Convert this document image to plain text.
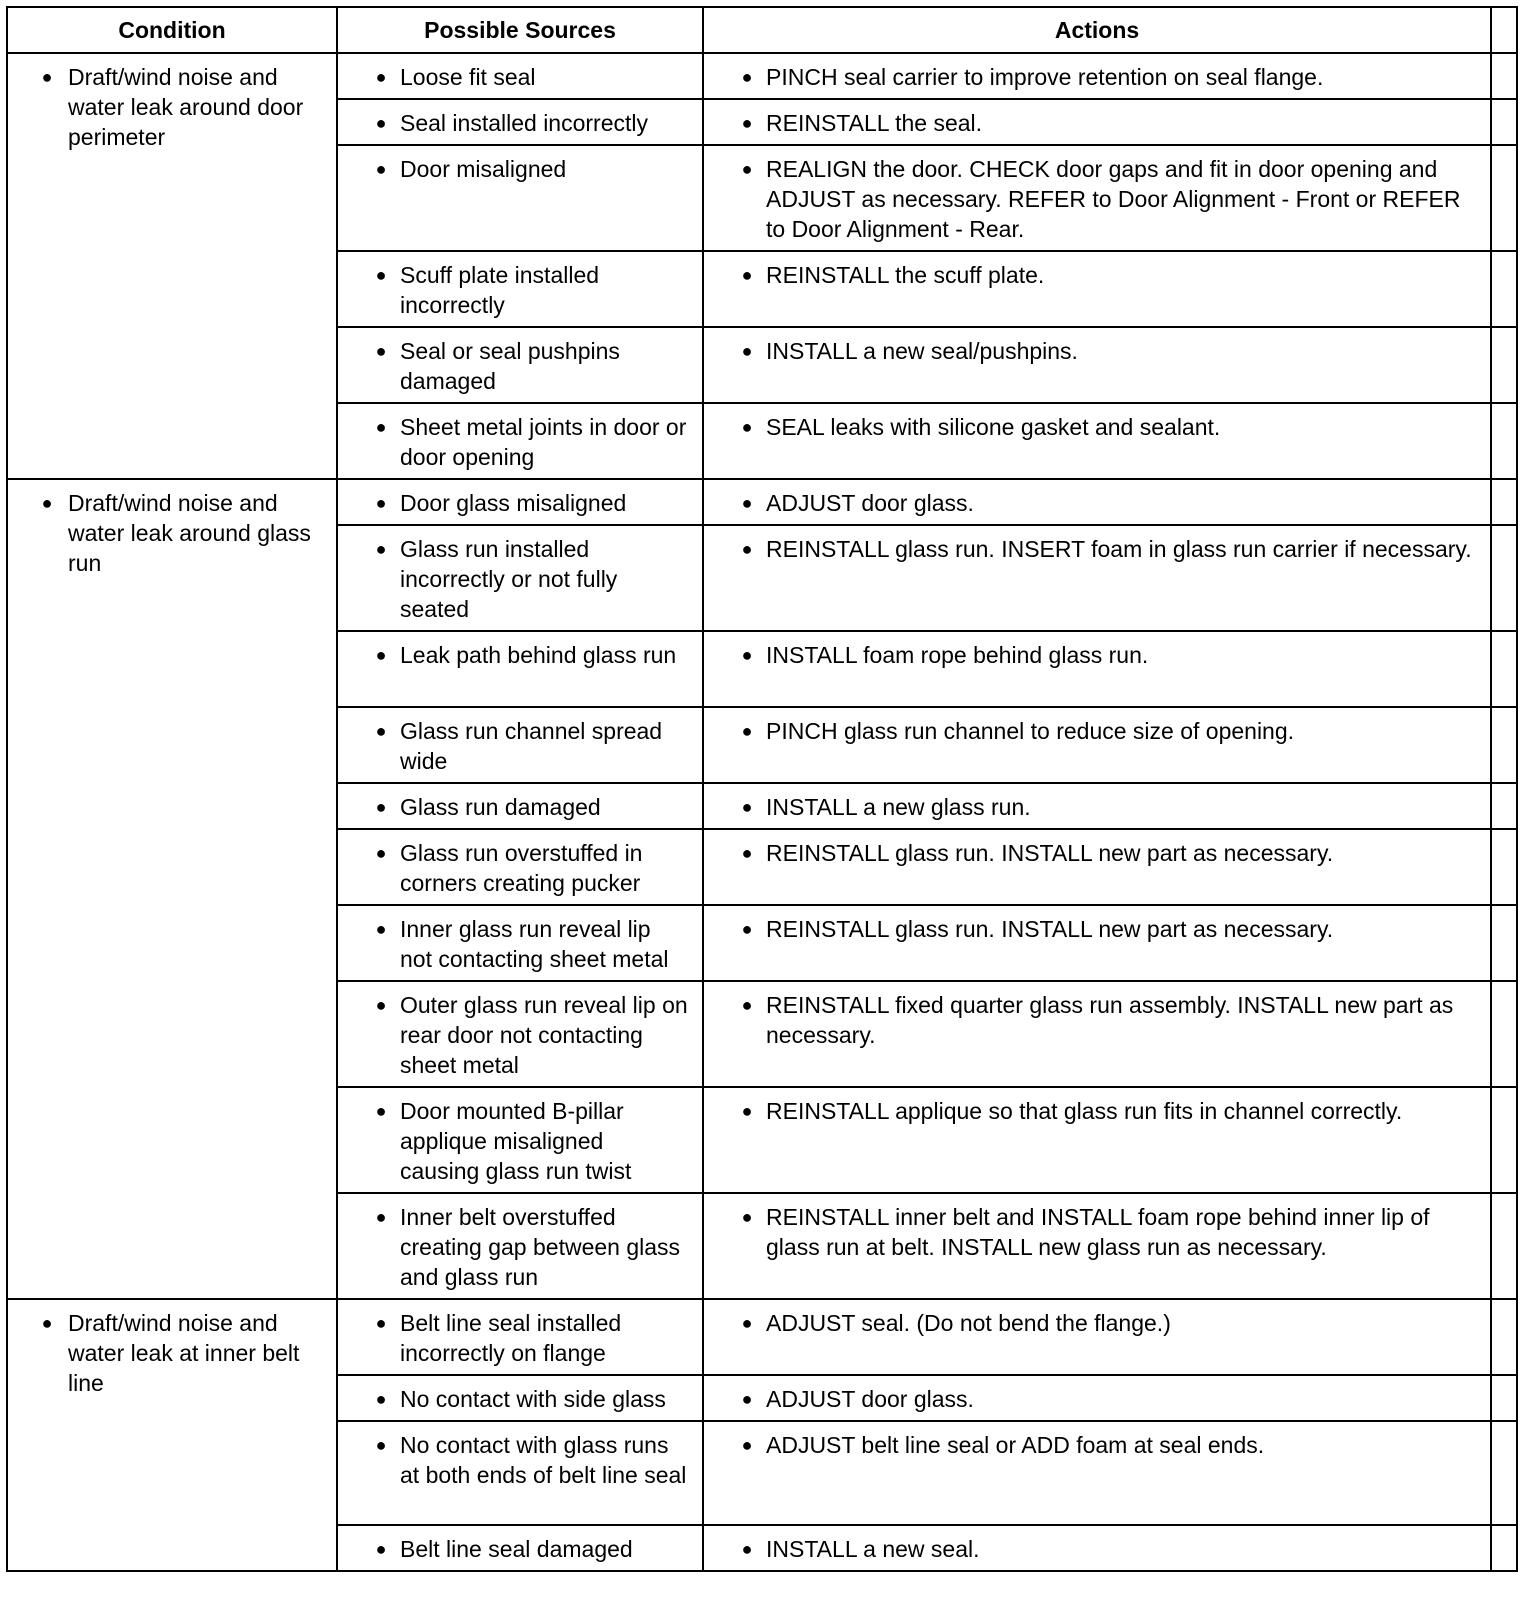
Condition	Possible Sources	Actions	

● Draft/wind noise and water leak around door perimeter	● Loose fit seal	● PINCH seal carrier to improve retention on seal flange.	

	● Seal installed incorrectly	● REINSTALL the seal.	

	● Door misaligned	● REALIGN the door. CHECK door gaps and fit in door opening and ADJUST as necessary. REFER to Door Alignment - Front or REFER to Door Alignment - Rear.	

	● Scuff plate installed incorrectly	● REINSTALL the scuff plate.	

	● Seal or seal pushpins damaged	● INSTALL a new seal/pushpins.	

	● Sheet metal joints in door or door opening	● SEAL leaks with silicone gasket and sealant.	

● Draft/wind noise and water leak around glass run	● Door glass misaligned	● ADJUST door glass.	

	● Glass run installed incorrectly or not fully seated	● REINSTALL glass run. INSERT foam in glass run carrier if necessary.	

	● Leak path behind glass run	● INSTALL foam rope behind glass run.	

	● Glass run channel spread wide	● PINCH glass run channel to reduce size of opening.	

	● Glass run damaged	● INSTALL a new glass run.	

	● Glass run overstuffed in corners creating pucker	● REINSTALL glass run. INSTALL new part as necessary.	

	● Inner glass run reveal lip not contacting sheet metal	● REINSTALL glass run. INSTALL new part as necessary.	

	● Outer glass run reveal lip on rear door not contacting sheet metal	● REINSTALL fixed quarter glass run assembly. INSTALL new part as necessary.	

	● Door mounted B-pillar applique misaligned causing glass run twist	● REINSTALL applique so that glass run fits in channel correctly.	

	● Inner belt overstuffed creating gap between glass and glass run	● REINSTALL inner belt and INSTALL foam rope behind inner lip of glass run at belt. INSTALL new glass run as necessary.	

● Draft/wind noise and water leak at inner belt line	● Belt line seal installed incorrectly on flange	● ADJUST seal. (Do not bend the flange.)	

	● No contact with side glass	● ADJUST door glass.	

	● No contact with glass runs at both ends of belt line seal	● ADJUST belt line seal or ADD foam at seal ends.	

	● Belt line seal damaged	● INSTALL a new seal.	
